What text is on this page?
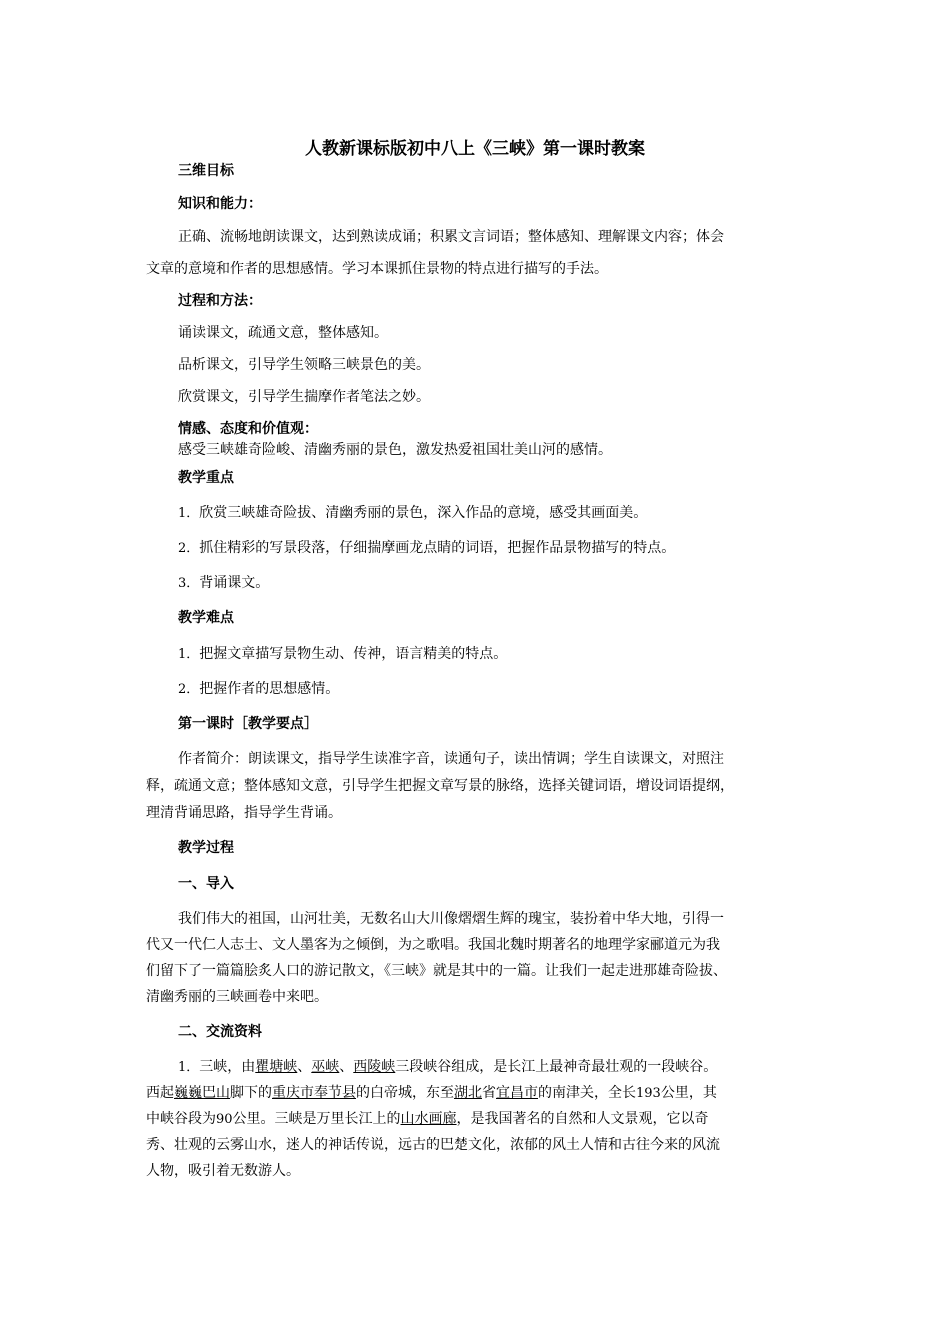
人教新课标版初中八上《三峡》第一课时教案
三维目标
知识和能力：
正确、流畅地朗读课文，达到熟读成诵；积累文言词语；整体感知、理解课文内容；体会
文章的意境和作者的思想感情。学习本课抓住景物的特点进行描写的手法。
过程和方法：
诵读课文，疏通文意，整体感知。
品析课文，引导学生领略三峡景色的美。
欣赏课文，引导学生揣摩作者笔法之妙。
情感、态度和价值观：
感受三峡雄奇险峻、清幽秀丽的景色，激发热爱祖国壮美山河的感情。
教学重点
1．欣赏三峡雄奇险拔、清幽秀丽的景色，深入作品的意境，感受其画面美。
2．抓住精彩的写景段落，仔细揣摩画龙点睛的词语，把握作品景物描写的特点。
3．背诵课文。
教学难点
1．把握文章描写景物生动、传神，语言精美的特点。
2．把握作者的思想感情。
第一课时［教学要点］
作者简介：朗读课文，指导学生读准字音，读通句子，读出情调；学生自读课文，对照注
释，疏通文意；整体感知文意，引导学生把握文章写景的脉络，选择关键词语，增设词语提纲，
理清背诵思路，指导学生背诵。
教学过程
一、导入
我们伟大的祖国，山河壮美，无数名山大川像熠熠生辉的瑰宝，装扮着中华大地，引得一
代又一代仁人志士、文人墨客为之倾倒，为之歌唱。我国北魏时期著名的地理学家郦道元为我
们留下了一篇篇脍炙人口的游记散文，《三峡》就是其中的一篇。让我们一起走进那雄奇险拔、
清幽秀丽的三峡画卷中来吧。
二、交流资料
1．三峡，由瞿塘峡、巫峡、西陵峡三段峡谷组成，是长江上最神奇最壮观的一段峡谷。
西起巍巍巴山脚下的重庆市奉节县的白帝城，东至湖北省宜昌市的南津关，全长193公里，其
中峡谷段为90公里。三峡是万里长江上的山水画廊，是我国著名的自然和人文景观，它以奇
秀、壮观的云雾山水，迷人的神话传说，远古的巴楚文化，浓郁的风土人情和古往今来的风流
人物，吸引着无数游人。
